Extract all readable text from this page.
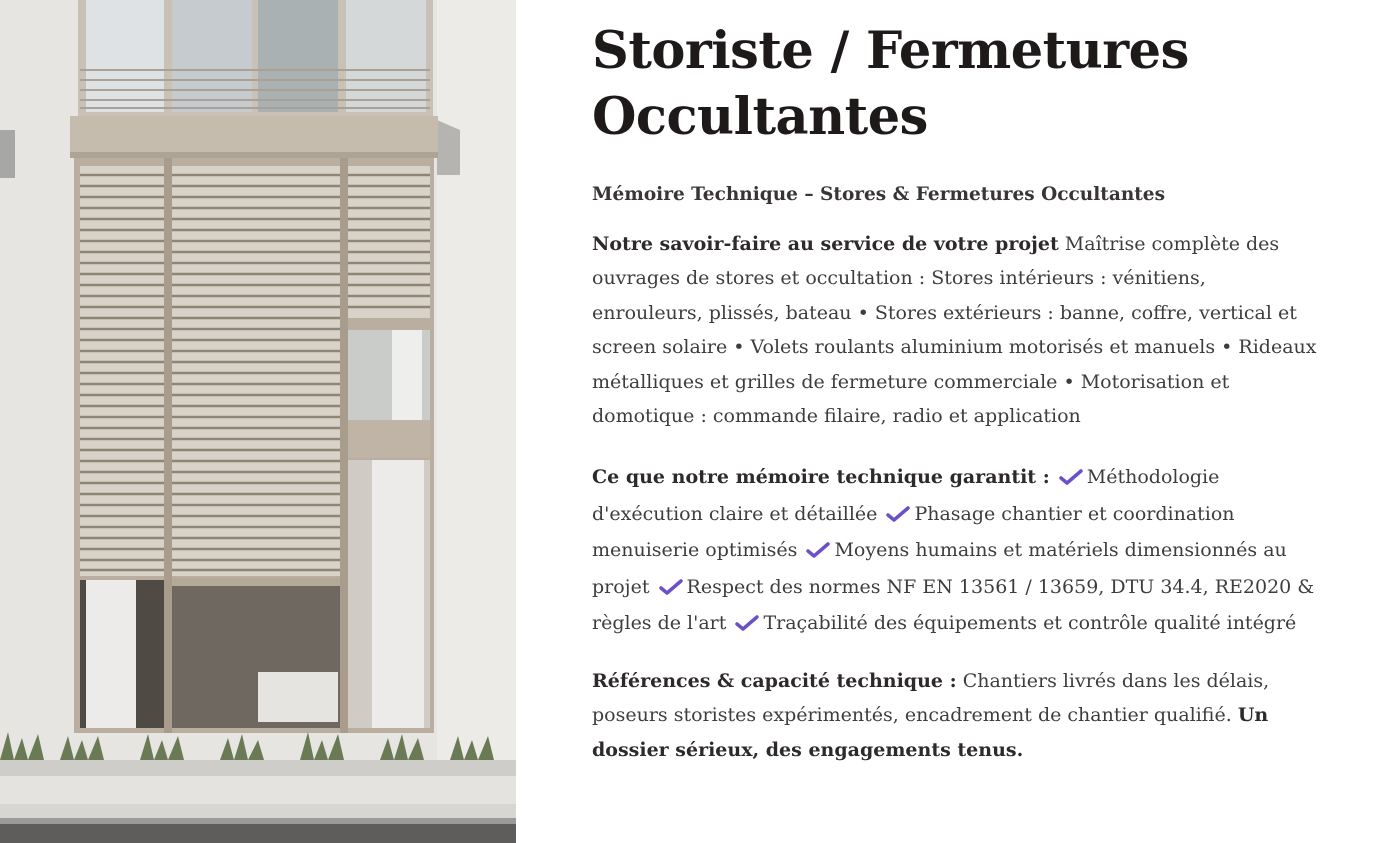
Storiste / Fermetures Occultantes

Mémoire Technique – Stores & Fermetures Occultantes

Notre savoir-faire au service de votre projet Maîtrise complète des ouvrages de stores et occultation : Stores intérieurs : vénitiens, enrouleurs, plissés, bateau • Stores extérieurs : banne, coffre, vertical et screen solaire • Volets roulants aluminium motorisés et manuels • Rideaux métalliques et grilles de fermeture commerciale • Motorisation et domotique : commande filaire, radio et application

Ce que notre mémoire technique garantit : Méthodologie d'exécution claire et détaillée Phasage chantier et coordination menuiserie optimisés Moyens humains et matériels dimensionnés au projet Respect des normes NF EN 13561 / 13659, DTU 34.4, RE2020 & règles de l'art Traçabilité des équipements et contrôle qualité intégré

Références & capacité technique : Chantiers livrés dans les délais, poseurs storistes expérimentés, encadrement de chantier qualifié. Un dossier sérieux, des engagements tenus.
